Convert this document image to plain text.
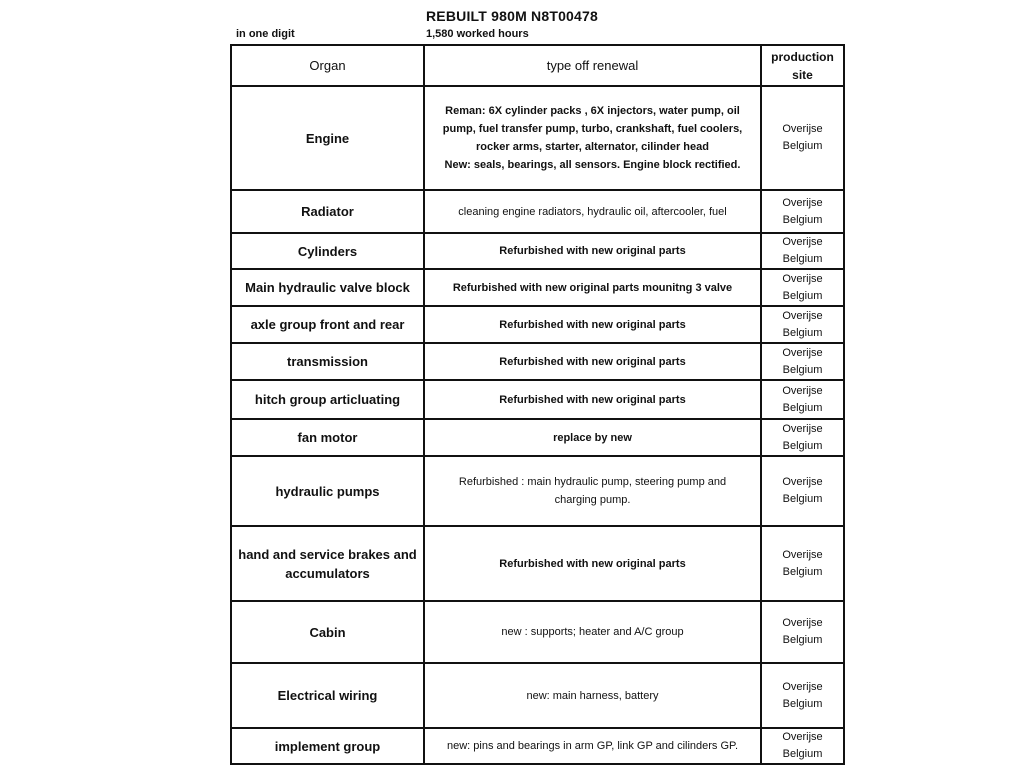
REBUILT 980M N8T00478
in one digit	1,580 worked hours
Organ	type off renewal	production site
Engine	Reman: 6X cylinder packs , 6X injectors, water pump, oil
pump, fuel transfer pump, turbo, crankshaft, fuel coolers,
rocker arms, starter, alternator, cilinder head
New: seals, bearings, all sensors. Engine block rectified.	Overijse
Belgium

Radiator	cleaning engine radiators, hydraulic oil, aftercooler, fuel	Overijse
Belgium

Cylinders	Refurbished with new original parts	Overijse
Belgium

Main hydraulic valve block	Refurbished with new original parts mounitng 3 valve	Overijse
Belgium

axle group front and rear	Refurbished with new original parts	Overijse
Belgium

transmission	Refurbished with new original parts	Overijse
Belgium

hitch group articluating	Refurbished with new original parts	Overijse
Belgium

fan motor	replace by new	Overijse
Belgium

hydraulic pumps	Refurbished : main hydraulic pump, steering pump and charging pump.	Overijse
Belgium

hand and service brakes and accumulators	Refurbished with new original parts	Overijse
Belgium

Cabin	new : supports; heater and A/C group	Overijse
Belgium

Electrical wiring	new: main harness, battery	Overijse
Belgium

implement group	new: pins and bearings in arm GP, link GP and cilinders GP.	Overijse
Belgium
